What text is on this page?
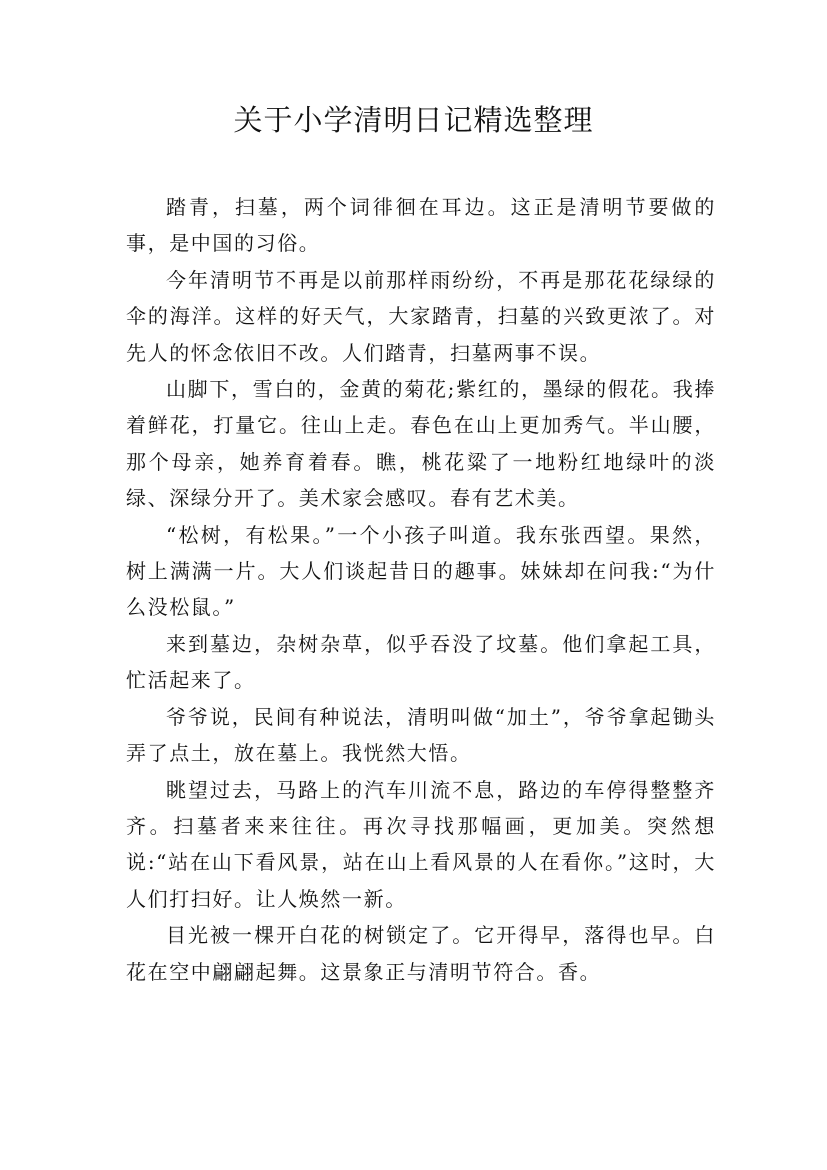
关于小学清明日记精选整理

踏青，扫墓，两个词徘徊在耳边。这正是清明节要做的事，是中国的习俗。

今年清明节不再是以前那样雨纷纷，不再是那花花绿绿的伞的海洋。这样的好天气，大家踏青，扫墓的兴致更浓了。对先人的怀念依旧不改。人们踏青，扫墓两事不误。

山脚下，雪白的，金黄的菊花;紫红的，墨绿的假花。我捧着鲜花，打量它。往山上走。春色在山上更加秀气。半山腰，那个母亲，她养育着春。瞧，桃花粱了一地粉红地绿叶的淡绿、深绿分开了。美术家会感叹。春有艺术美。

“松树，有松果。”一个小孩子叫道。我东张西望。果然，树上满满一片。大人们谈起昔日的趣事。妹妹却在问我:“为什么没松鼠。”

来到墓边，杂树杂草，似乎吞没了坟墓。他们拿起工具，忙活起来了。

爷爷说，民间有种说法，清明叫做“加土”，爷爷拿起锄头弄了点土，放在墓上。我恍然大悟。

眺望过去，马路上的汽车川流不息，路边的车停得整整齐齐。扫墓者来来往往。再次寻找那幅画，更加美。突然想说:“站在山下看风景，站在山上看风景的人在看你。”这时，大人们打扫好。让人焕然一新。

目光被一棵开白花的树锁定了。它开得早，落得也早。白花在空中翩翩起舞。这景象正与清明节符合。香。
